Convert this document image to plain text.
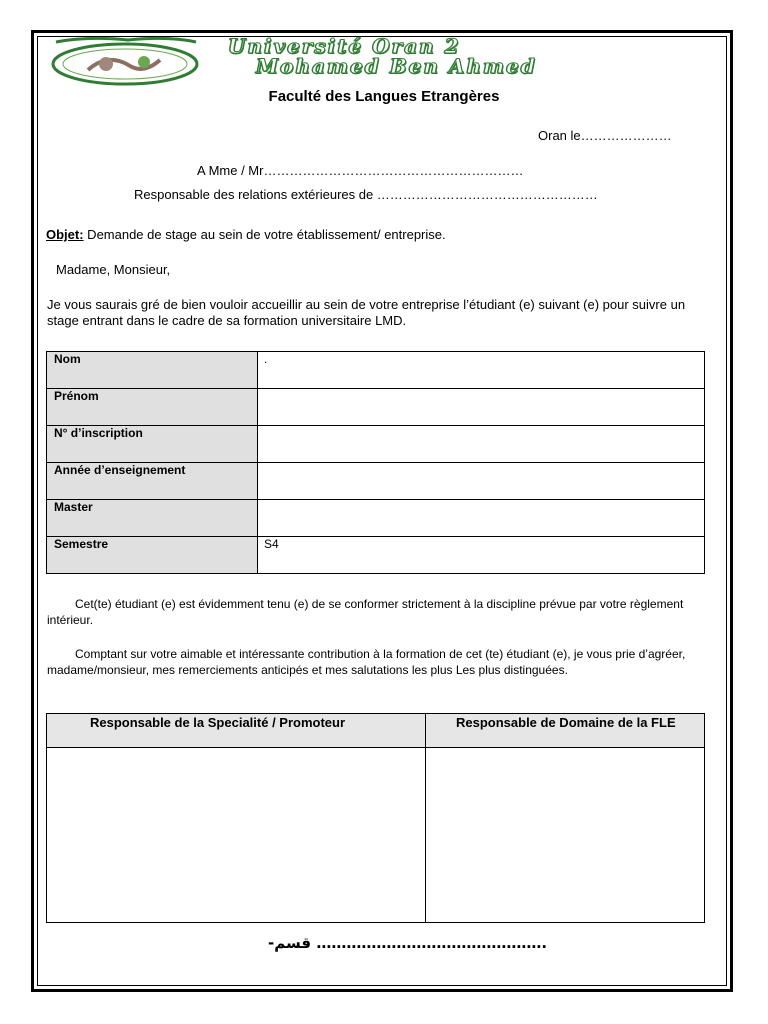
Université Oran 2
Mohamed Ben Ahmed
Faculté des Langues Etrangères
Oran le…………………
A Mme / Mr……………………………………………………
Responsable des relations extérieures de ……………………………………………
Objet: Demande de stage au sein de votre établissement/ entreprise.
Madame, Monsieur,
Je vous saurais gré de bien vouloir accueillir au sein de votre entreprise l’étudiant (e) suivant (e) pour suivre un stage entrant dans le cadre de sa formation universitaire LMD.
Nom	.
Prénom	
N° d’inscription	
Année d’enseignement	
Master	
Semestre	S4
Cet(te) étudiant (e) est évidemment tenu (e) de se conformer strictement à la discipline prévue par votre règlement intérieur.
Comptant sur votre aimable et intéressante contribution à la formation de cet (te) étudiant (e), je vous prie d’agréer, madame/monsieur, mes remerciements anticipés et mes salutations les plus Les plus distinguées.
Responsable de la Specialité / Promoteur	Responsable de Domaine de la FLE

-قسم ……………………………………….
